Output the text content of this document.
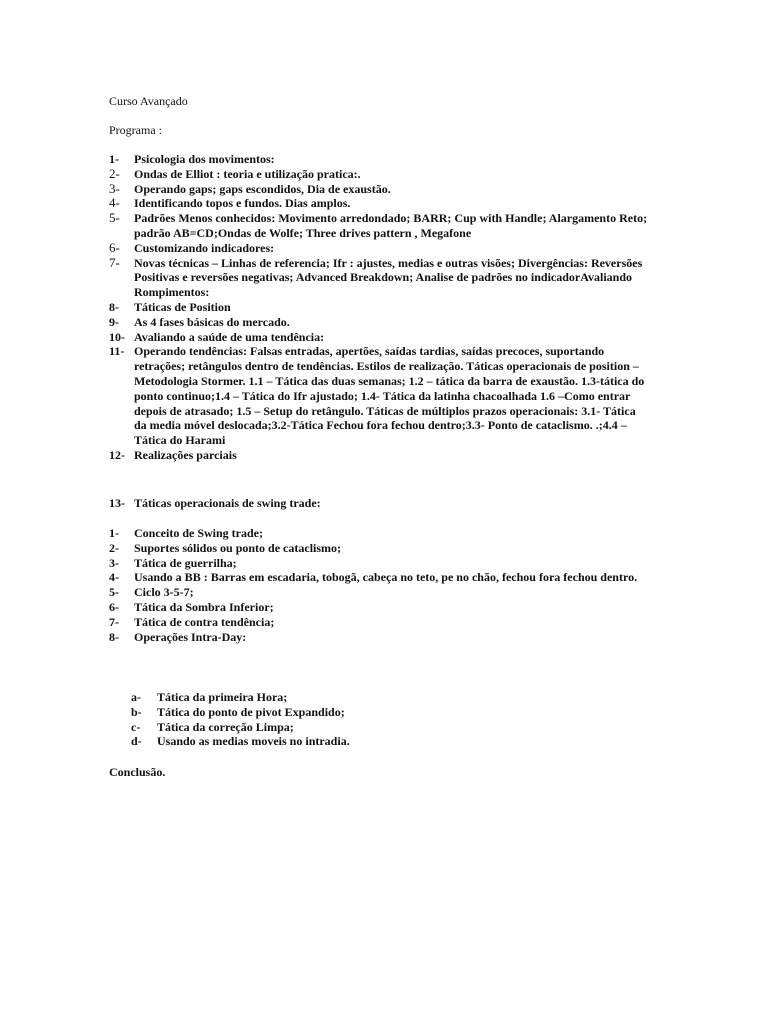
Curso Avançado
Programa :
1- Psicologia dos movimentos:
2- Ondas de Elliot : teoria e utilização pratica:.
3- Operando gaps; gaps escondidos, Dia de exaustão.
4- Identificando topos e fundos. Dias amplos.
5- Padrões Menos conhecidos: Movimento arredondado; BARR; Cup with Handle; Alargamento Reto; padrão AB=CD;Ondas de Wolfe; Three drives pattern , Megafone
6- Customizando indicadores:
7- Novas técnicas – Linhas de referencia; Ifr : ajustes, medias e outras visões; Divergências: Reversões Positivas e reversões negativas; Advanced Breakdown; Analise de padrões no indicadorAvaliando Rompimentos:
8- Táticas de Position
9- As 4 fases básicas do mercado.
10- Avaliando a saúde de uma tendência:
11- Operando tendências: Falsas entradas, apertões, saídas tardias, saídas precoces, suportando retrações; retângulos dentro de tendências. Estilos de realização. Táticas operacionais de position – Metodologia Stormer. 1.1 – Tática das duas semanas; 1.2 – tática da barra de exaustão. 1.3-tática do ponto continuo;1.4 – Tática do Ifr ajustado; 1.4- Tática da latinha chacoalhada 1.6 –Como entrar depois de atrasado; 1.5 – Setup do retângulo. Táticas de múltiplos prazos operacionais: 3.1- Tática da media móvel deslocada;3.2-Tática Fechou fora fechou dentro;3.3- Ponto de cataclismo. .;4.4 – Tática do Harami
12- Realizações parciais
13- Táticas operacionais de swing trade:
1- Conceito de Swing trade;
2- Suportes sólidos ou ponto de cataclismo;
3- Tática de guerrilha;
4- Usando a BB : Barras em escadaria, tobogã, cabeça no teto, pe no chão, fechou fora fechou dentro.
5- Ciclo 3-5-7;
6- Tática da Sombra Inferior;
7- Tática de contra tendência;
8- Operações Intra-Day:
a- Tática da primeira Hora;
b- Tática do ponto de pivot Expandido;
c- Tática da correção Limpa;
d- Usando as medias moveis no intradia.
Conclusão.
